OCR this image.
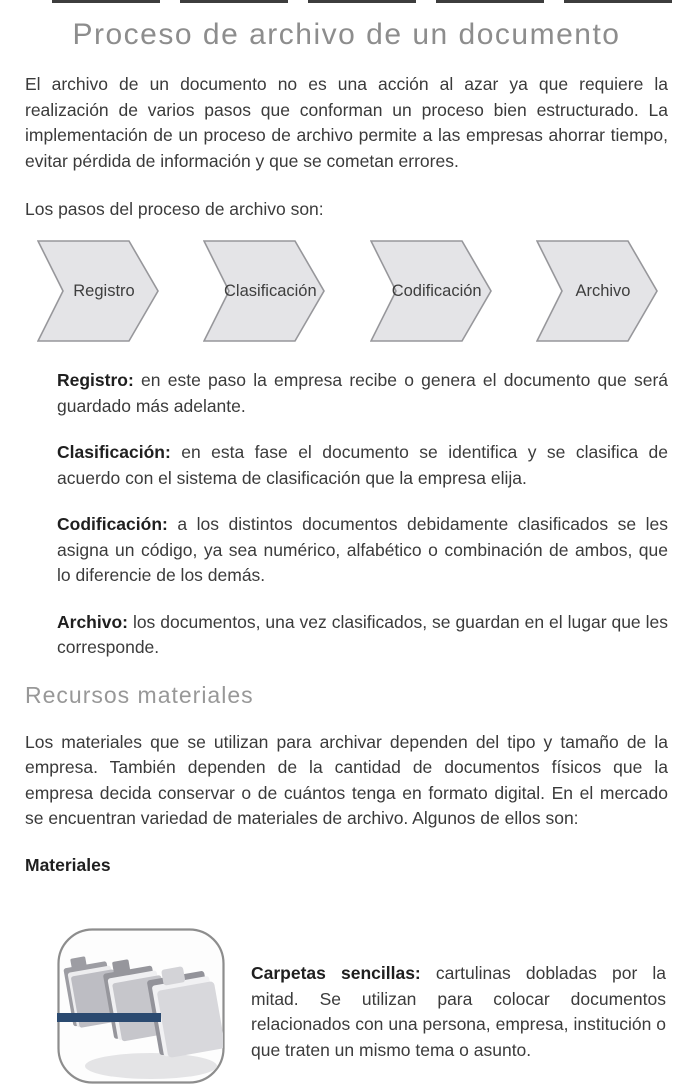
Proceso de archivo de un documento

El archivo de un documento no es una acción al azar ya que requiere la realización de varios pasos que conforman un proceso bien estructurado. La implementación de un proceso de archivo permite a las empresas ahorrar tiempo, evitar pérdida de información y que se cometan errores.

Los pasos del proceso de archivo son:

Registro	Clasificación	Codificación	Archivo

Registro: en este paso la empresa recibe o genera el documento que será guardado más adelante.

Clasificación: en esta fase el documento se identifica y se clasifica de acuerdo con el sistema de clasificación que la empresa elija.

Codificación: a los distintos documentos debidamente clasificados se les asigna un código, ya sea numérico, alfabético o combinación de ambos, que lo diferencie de los demás.

Archivo: los documentos, una vez clasificados, se guardan en el lugar que les corresponde.

Recursos materiales

Los materiales que se utilizan para archivar dependen del tipo y tamaño de la empresa. También dependen de la cantidad de documentos físicos que la empresa decida conservar o de cuántos tenga en formato digital. En el mercado se encuentran variedad de materiales de archivo. Algunos de ellos son:

Materiales

Carpetas sencillas: cartulinas dobladas por la mitad. Se utilizan para colocar documentos relacionados con una persona, empresa, institución o que traten un mismo tema o asunto.
